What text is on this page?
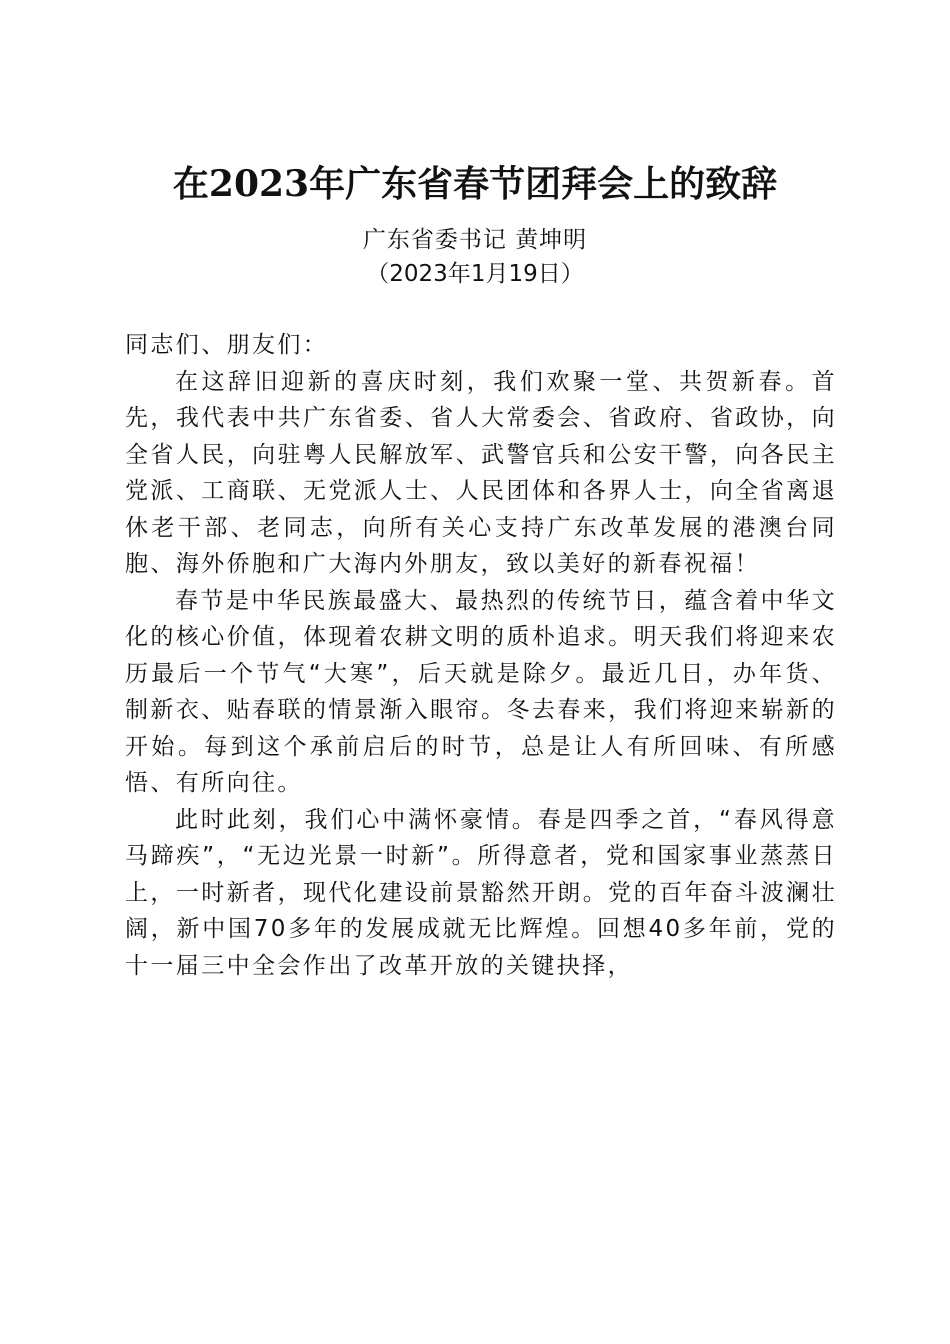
在2023年广东省春节团拜会上的致辞
广东省委书记 黄坤明
（2023年1月19日）

同志们、朋友们：

在这辞旧迎新的喜庆时刻，我们欢聚一堂、共贺新春。首先，我代表中共广东省委、省人大常委会、省政府、省政协，向全省人民，向驻粤人民解放军、武警官兵和公安干警，向各民主党派、工商联、无党派人士、人民团体和各界人士，向全省离退休老干部、老同志，向所有关心支持广东改革发展的港澳台同胞、海外侨胞和广大海内外朋友，致以美好的新春祝福！

春节是中华民族最盛大、最热烈的传统节日，蕴含着中华文化的核心价值，体现着农耕文明的质朴追求。明天我们将迎来农历最后一个节气“大寒”，后天就是除夕。最近几日，办年货、制新衣、贴春联的情景渐入眼帘。冬去春来，我们将迎来崭新的开始。每到这个承前启后的时节，总是让人有所回味、有所感悟、有所向往。

此时此刻，我们心中满怀豪情。春是四季之首，“春风得意马蹄疾”，“无边光景一时新”。所得意者，党和国家事业蒸蒸日上，一时新者，现代化建设前景豁然开朗。党的百年奋斗波澜壮阔，新中国70多年的发展成就无比辉煌。回想40多年前，党的十一届三中全会作出了改革开放的关键抉择，
